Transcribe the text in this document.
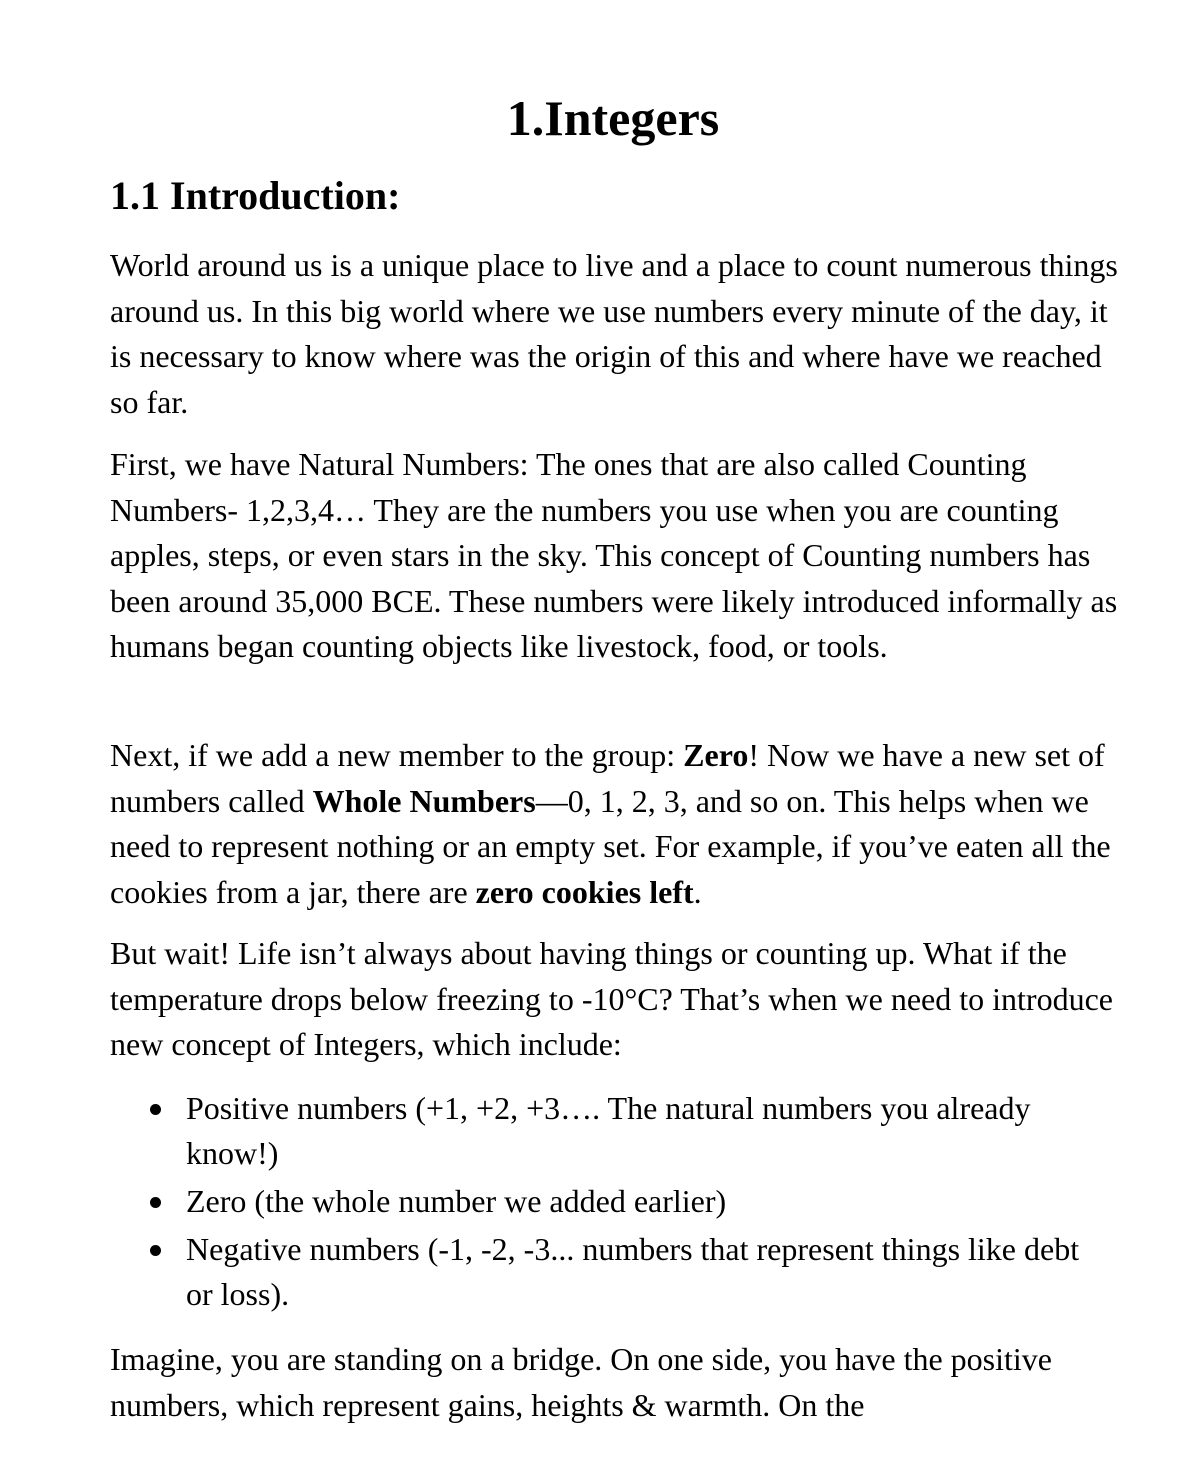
1.Integers
1.1 Introduction:

World around us is a unique place to live and a place to count numerous things around us. In this big world where we use numbers every minute of the day, it is necessary to know where was the origin of this and where have we reached so far.

First, we have Natural Numbers: The ones that are also called Counting Numbers- 1,2,3,4… They are the numbers you use when you are counting apples, steps, or even stars in the sky. This concept of Counting numbers has been around 35,000 BCE. These numbers were likely introduced informally as humans began counting objects like livestock, food, or tools.

Next, if we add a new member to the group: Zero! Now we have a new set of numbers called Whole Numbers—0, 1, 2, 3, and so on. This helps when we need to represent nothing or an empty set. For example, if you’ve eaten all the cookies from a jar, there are zero cookies left.

But wait! Life isn’t always about having things or counting up. What if the temperature drops below freezing to -10°C? That’s when we need to introduce new concept of Integers, which include:

Positive numbers (+1, +2, +3…. The natural numbers you already know!)
Zero (the whole number we added earlier)
Negative numbers (-1, -2, -3... numbers that represent things like debt or loss).

Imagine, you are standing on a bridge. On one side, you have the positive numbers, which represent gains, heights & warmth. On the
